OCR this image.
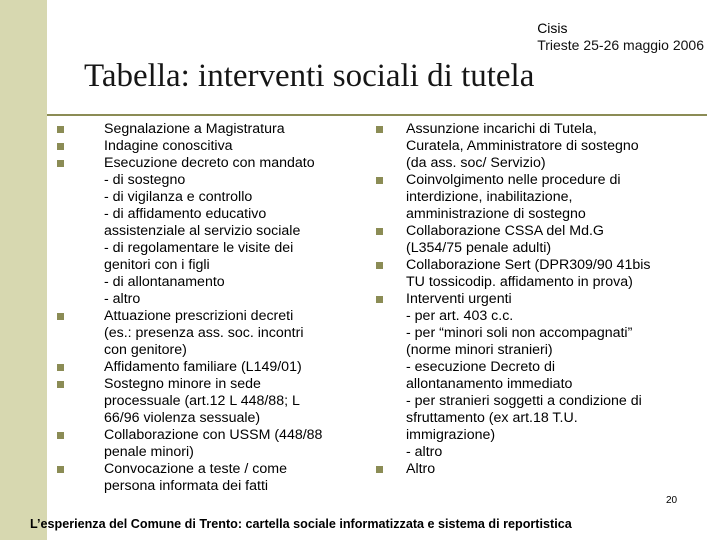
Cisis
Trieste 25-26 maggio 2006
Tabella: interventi sociali di tutela
Segnalazione a Magistratura
Indagine conoscitiva
Esecuzione decreto con mandato
- di sostegno
- di vigilanza e controllo
- di affidamento educativo
assistenziale al servizio sociale
- di regolamentare le visite dei
genitori con i figli
- di allontanamento
- altro
Attuazione prescrizioni decreti
(es.: presenza ass. soc. incontri
con genitore)
Affidamento familiare (L149/01)
Sostegno minore in sede
processuale (art.12 L 448/88; L
66/96 violenza sessuale)
Collaborazione con USSM (448/88
penale minori)
Convocazione a teste / come
persona informata dei fatti
Assunzione incarichi di Tutela,
Curatela, Amministratore di sostegno
(da ass. soc/ Servizio)
Coinvolgimento nelle procedure di
interdizione, inabilitazione,
amministrazione di sostegno
Collaborazione CSSA del Md.G
(L354/75 penale adulti)
Collaborazione Sert (DPR309/90 41bis
TU tossicodip. affidamento in prova)
Interventi urgenti
- per art. 403 c.c.
- per “minori soli non accompagnati”
(norme minori stranieri)
- esecuzione Decreto di
allontanamento immediato
- per stranieri soggetti a condizione di
sfruttamento (ex art.18 T.U.
immigrazione)
- altro
Altro
20
L’esperienza del Comune di Trento: cartella sociale informatizzata e sistema di reportistica
